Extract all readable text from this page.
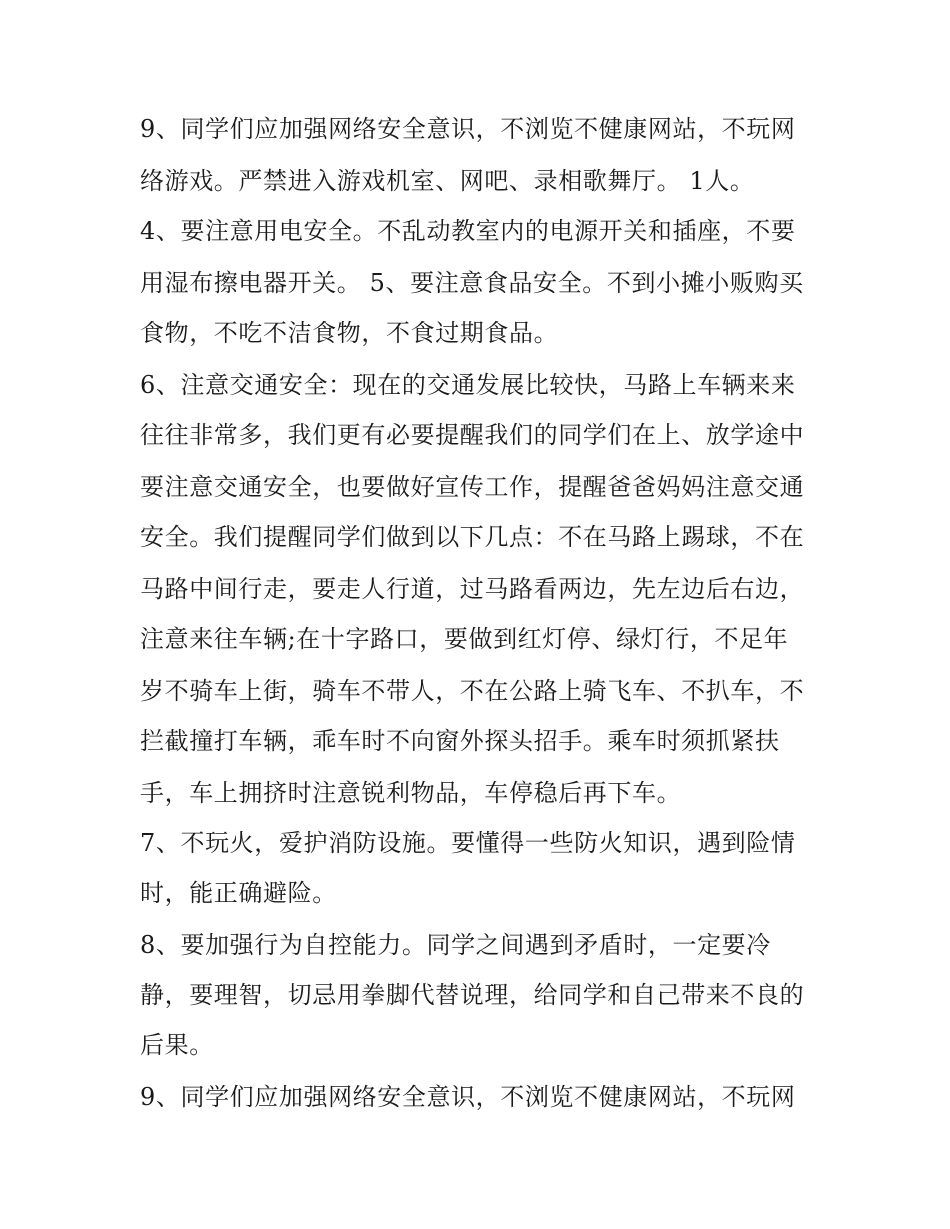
9、同学们应加强网络安全意识，不浏览不健康网站，不玩网
络游戏。严禁进入游戏机室、网吧、录相歌舞厅。 1人。
4、要注意用电安全。不乱动教室内的电源开关和插座，不要
用湿布擦电器开关。 5、要注意食品安全。不到小摊小贩购买
食物，不吃不洁食物，不食过期食品。
6、注意交通安全：现在的交通发展比较快，马路上车辆来来
往往非常多，我们更有必要提醒我们的同学们在上、放学途中
要注意交通安全，也要做好宣传工作，提醒爸爸妈妈注意交通
安全。我们提醒同学们做到以下几点：不在马路上踢球，不在
马路中间行走，要走人行道，过马路看两边，先左边后右边，
注意来往车辆;在十字路口，要做到红灯停、绿灯行，不足年
岁不骑车上街，骑车不带人，不在公路上骑飞车、不扒车，不
拦截撞打车辆，乖车时不向窗外探头招手。乘车时须抓紧扶
手，车上拥挤时注意锐利物品，车停稳后再下车。
7、不玩火，爱护消防设施。要懂得一些防火知识，遇到险情
时，能正确避险。
8、要加强行为自控能力。同学之间遇到矛盾时，一定要冷
静，要理智，切忌用拳脚代替说理，给同学和自己带来不良的
后果。
9、同学们应加强网络安全意识，不浏览不健康网站，不玩网
